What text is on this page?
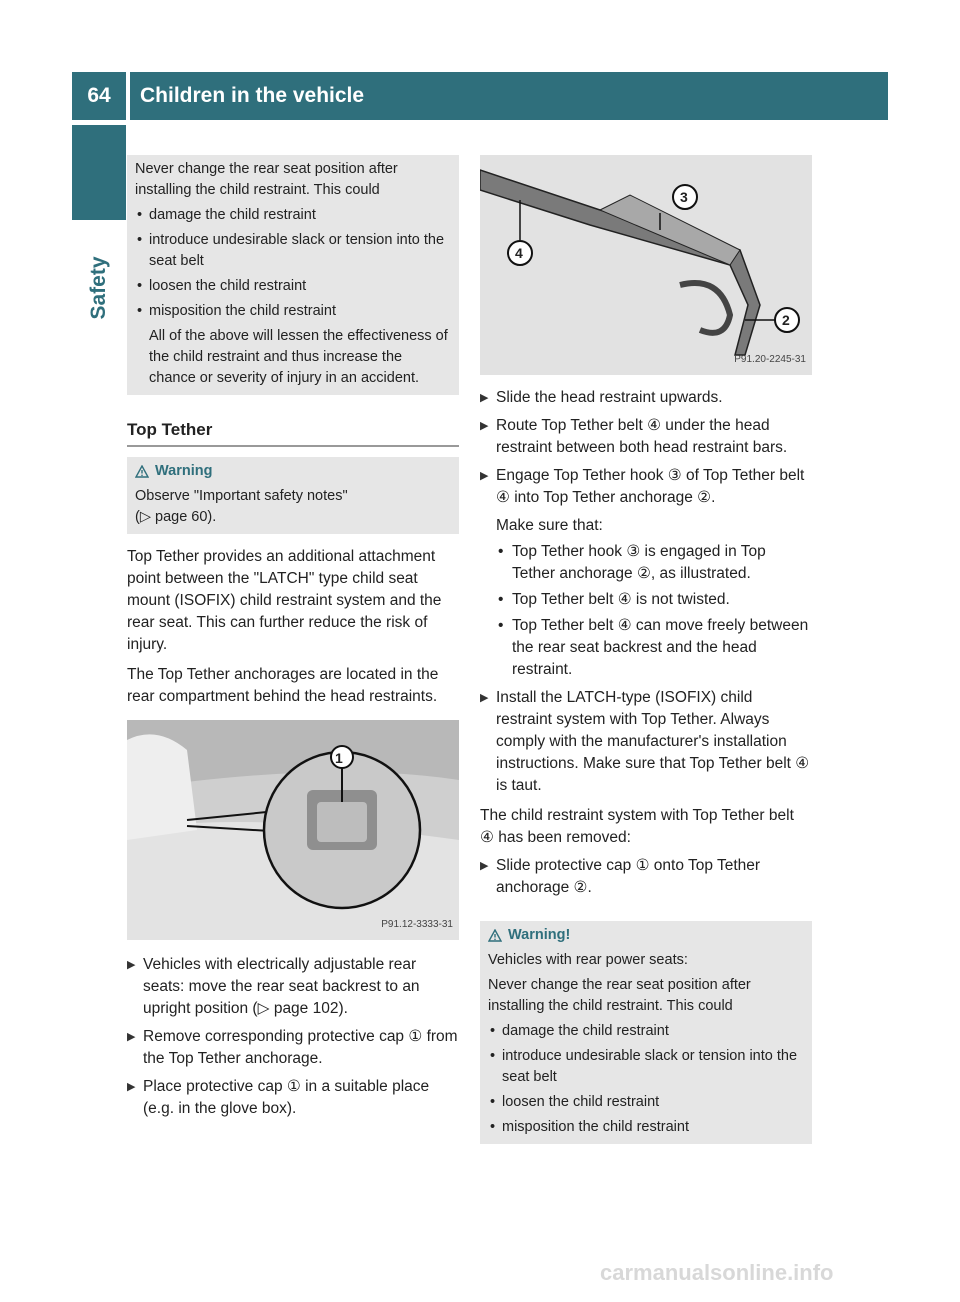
64	Children in the vehicle
Safety

Never change the rear seat position after installing the child restraint. This could

• damage the child restraint
• introduce undesirable slack or tension into the seat belt
• loosen the child restraint
• misposition the child restraint
All of the above will lessen the effectiveness of the child restraint and thus increase the chance or severity of injury in an accident.
Top Tether
Warning

Observe "Important safety notes"

(▷ page 60).

Top Tether provides an additional attachment point between the "LATCH" type child seat mount (ISOFIX) child restraint system and the rear seat. This can further reduce the risk of injury.

The Top Tether anchorages are located in the rear compartment behind the head restraints.

1
P91.12-3333-31
▶ Vehicles with electrically adjustable rear seats: move the rear seat backrest to an upright position (▷ page 102).
▶ Remove corresponding protective cap ① from the Top Tether anchorage.
▶ Place protective cap ① in a suitable place (e.g. in the glove box).
3
4
2
P91.20-2245-31
▶ Slide the head restraint upwards.
▶ Route Top Tether belt ④ under the head restraint between both head restraint bars.
▶ Engage Top Tether hook ③ of Top Tether belt ④ into Top Tether anchorage ②.
Make sure that:
• Top Tether hook ③ is engaged in Top Tether anchorage ②, as illustrated.
• Top Tether belt ④ is not twisted.
• Top Tether belt ④ can move freely between the rear seat backrest and the head restraint.
▶ Install the LATCH-type (ISOFIX) child restraint system with Top Tether. Always comply with the manufacturer's installation instructions. Make sure that Top Tether belt ④ is taut.

The child restraint system with Top Tether belt ④ has been removed:

▶ Slide protective cap ① onto Top Tether anchorage ②.
Warning!

Vehicles with rear power seats:

Never change the rear seat position after installing the child restraint. This could

• damage the child restraint
• introduce undesirable slack or tension into the seat belt
• loosen the child restraint
• misposition the child restraint
carmanualsonline.info
